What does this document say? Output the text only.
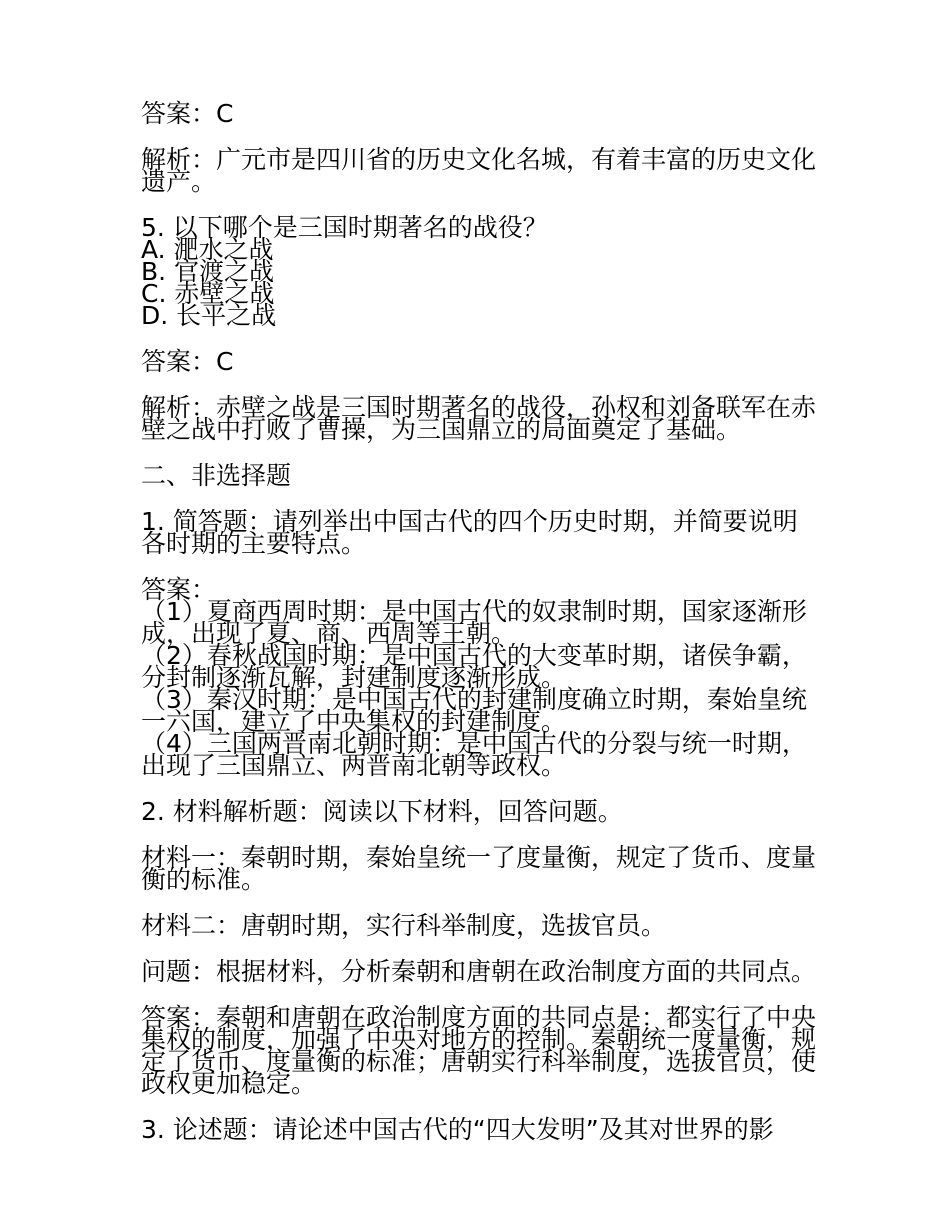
答案：C

解析：广元市是四川省的历史文化名城，有着丰富的历史文化
遗产。

5. 以下哪个是三国时期著名的战役？
A. 淝水之战
B. 官渡之战
C. 赤壁之战
D. 长平之战

答案：C

解析：赤壁之战是三国时期著名的战役，孙权和刘备联军在赤
壁之战中打败了曹操，为三国鼎立的局面奠定了基础。

二、非选择题

1. 简答题：请列举出中国古代的四个历史时期，并简要说明
各时期的主要特点。

答案：
（1）夏商西周时期：是中国古代的奴隶制时期，国家逐渐形
成，出现了夏、商、西周等王朝。
（2）春秋战国时期：是中国古代的大变革时期，诸侯争霸，
分封制逐渐瓦解，封建制度逐渐形成。
（3）秦汉时期：是中国古代的封建制度确立时期，秦始皇统
一六国，建立了中央集权的封建制度。
（4）三国两晋南北朝时期：是中国古代的分裂与统一时期，
出现了三国鼎立、两晋南北朝等政权。

2. 材料解析题：阅读以下材料，回答问题。

材料一：秦朝时期，秦始皇统一了度量衡，规定了货币、度量
衡的标准。

材料二：唐朝时期，实行科举制度，选拔官员。

问题：根据材料，分析秦朝和唐朝在政治制度方面的共同点。

答案：秦朝和唐朝在政治制度方面的共同点是：都实行了中央
集权的制度，加强了中央对地方的控制。秦朝统一度量衡，规
定了货币、度量衡的标准；唐朝实行科举制度，选拔官员，使
政权更加稳定。

3. 论述题：请论述中国古代的“四大发明”及其对世界的影
